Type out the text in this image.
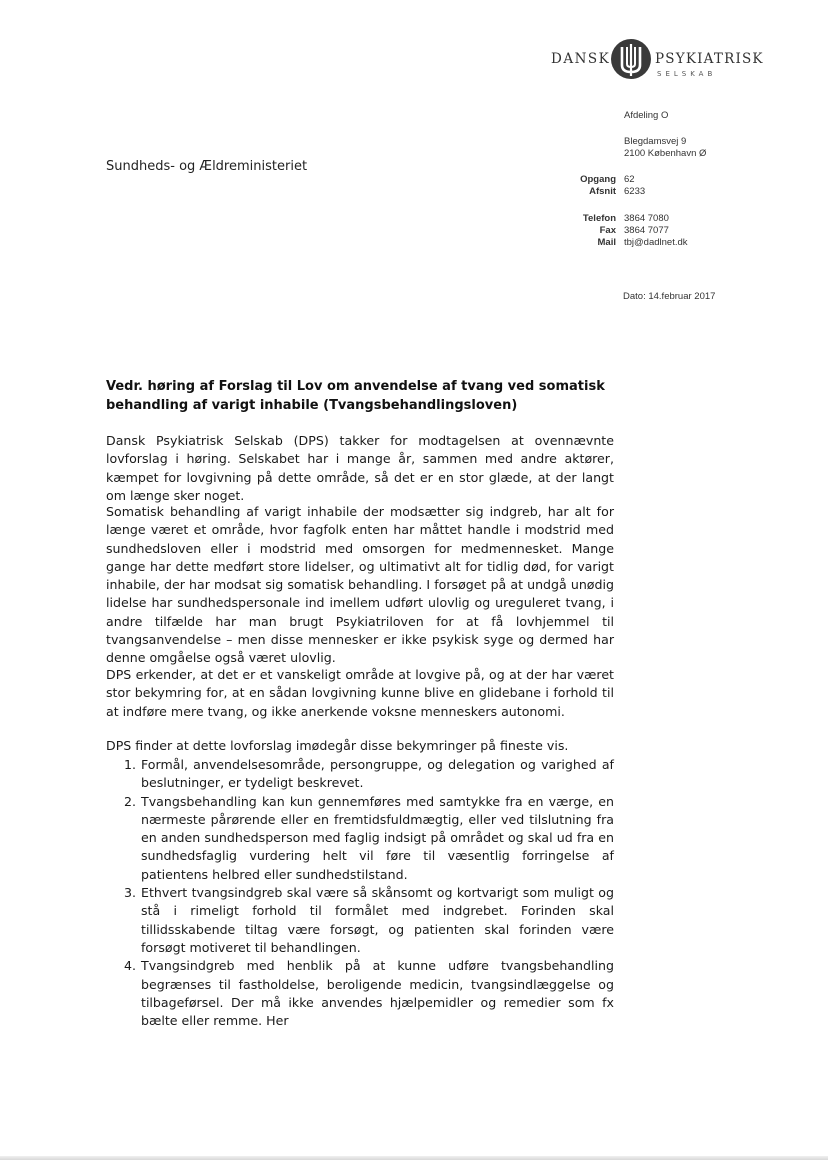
DANSK	PSYKIATRISK
SELSKAB
Afdeling O
Blegdamsvej 9
2100 København Ø
Opgang 62
Afsnit 6233
Telefon 3864 7080
Fax 3864 7077
Mail tbj@dadlnet.dk
Dato: 14.februar 2017
Sundheds- og Ældreministeriet
Vedr. høring af Forslag til Lov om anvendelse af tvang ved somatisk behandling af varigt inhabile (Tvangsbehandlingsloven)

Dansk Psykiatrisk Selskab (DPS) takker for modtagelsen at ovennævnte lovforslag i høring. Selskabet har i mange år, sammen med andre aktører, kæmpet for lovgivning på dette område, så det er en stor glæde, at der langt om længe sker noget.

Somatisk behandling af varigt inhabile der modsætter sig indgreb, har alt for længe været et område, hvor fagfolk enten har måttet handle i modstrid med sundhedsloven eller i modstrid med omsorgen for medmennesket. Mange gange har dette medført store lidelser, og ultimativt alt for tidlig død, for varigt inhabile, der har modsat sig somatisk behandling. I forsøget på at undgå unødig lidelse har sundhedspersonale ind imellem udført ulovlig og ureguleret tvang, i andre tilfælde har man brugt Psykiatriloven for at få lovhjemmel til tvangsanvendelse – men disse mennesker er ikke psykisk syge og dermed har denne omgåelse også været ulovlig.

DPS erkender, at det er et vanskeligt område at lovgive på, og at der har været stor bekymring for, at en sådan lovgivning kunne blive en glidebane i forhold til at indføre mere tvang, og ikke anerkende voksne menneskers autonomi.

DPS finder at dette lovforslag imødegår disse bekymringer på fineste vis.

1. Formål, anvendelsesområde, persongruppe, og delegation og varighed af beslutninger, er tydeligt beskrevet.
2. Tvangsbehandling kan kun gennemføres med samtykke fra en værge, en nærmeste pårørende eller en fremtidsfuldmægtig, eller ved tilslutning fra en anden sundhedsperson med faglig indsigt på området og skal ud fra en sundhedsfaglig vurdering helt vil føre til væsentlig forringelse af patientens helbred eller sundhedstilstand.
3. Ethvert tvangsindgreb skal være så skånsomt og kortvarigt som muligt og stå i rimeligt forhold til formålet med indgrebet. Forinden skal tillidsskabende tiltag være forsøgt, og patienten skal forinden være forsøgt motiveret til behandlingen.
4. Tvangsindgreb med henblik på at kunne udføre tvangsbehandling begrænses til fastholdelse, beroligende medicin, tvangsindlæggelse og tilbageførsel. Der må ikke anvendes hjælpemidler og remedier som fx bælte eller remme. Her
